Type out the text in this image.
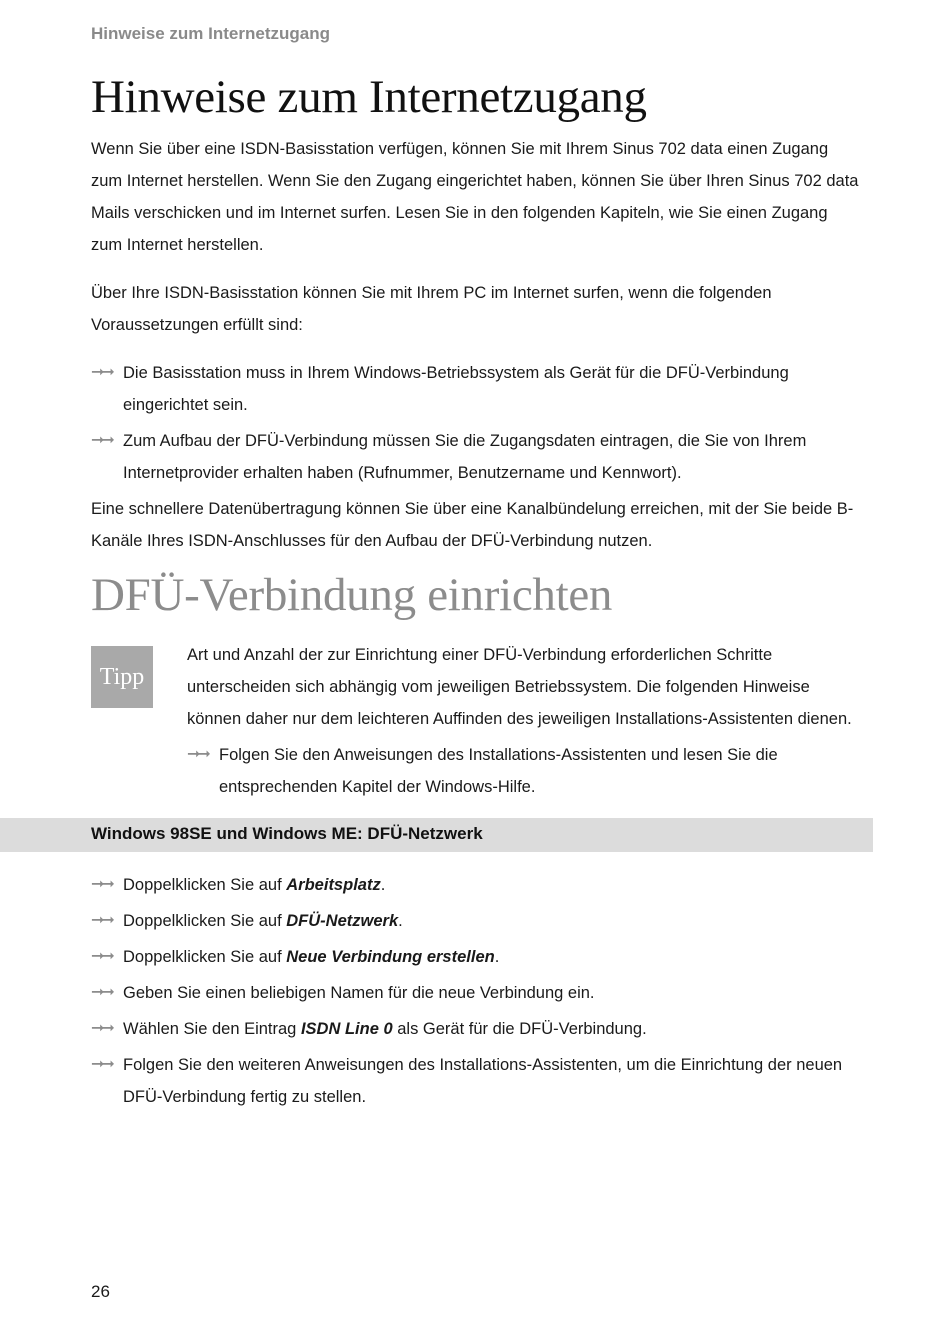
Hinweise zum Internetzugang
Hinweise zum Internetzugang

Wenn Sie über eine ISDN-Basisstation verfügen, können Sie mit Ihrem Sinus 702 data einen Zugang zum Internet herstellen. Wenn Sie den Zugang eingerichtet haben, können Sie über Ihren Sinus 702 data Mails verschicken und im Internet surfen. Lesen Sie in den folgenden Kapiteln, wie Sie einen Zugang zum Internet herstellen.

Über Ihre ISDN-Basisstation können Sie mit Ihrem PC im Internet surfen, wenn die folgenden Voraussetzungen erfüllt sind:

➞➞ Die Basisstation muss in Ihrem Windows-Betriebssystem als Gerät für die DFÜ-Verbindung eingerichtet sein.
➞➞ Zum Aufbau der DFÜ-Verbindung müssen Sie die Zugangsdaten eintragen, die Sie von Ihrem Internetprovider erhalten haben (Rufnummer, Benutzername und Kennwort).

Eine schnellere Datenübertragung können Sie über eine Kanalbündelung erreichen, mit der Sie beide B-Kanäle Ihres ISDN-Anschlusses für den Aufbau der DFÜ-Verbindung nutzen.

DFÜ-Verbindung einrichten
Tipp

Art und Anzahl der zur Einrichtung einer DFÜ-Verbindung erforderlichen Schritte unterscheiden sich abhängig vom jeweiligen Betriebssystem. Die folgenden Hinweise können daher nur dem leichteren Auffinden des jeweiligen Installations-Assistenten dienen.

➞➞ Folgen Sie den Anweisungen des Installations-Assistenten und lesen Sie die entsprechenden Kapitel der Windows-Hilfe.
Windows 98SE und Windows ME: DFÜ-Netzwerk
➞➞ Doppelklicken Sie auf Arbeitsplatz.
➞➞ Doppelklicken Sie auf DFÜ-Netzwerk.
➞➞ Doppelklicken Sie auf Neue Verbindung erstellen.
➞➞ Geben Sie einen beliebigen Namen für die neue Verbindung ein.
➞➞ Wählen Sie den Eintrag ISDN Line 0 als Gerät für die DFÜ-Verbindung.
➞➞ Folgen Sie den weiteren Anweisungen des Installations-Assistenten, um die Einrichtung der neuen DFÜ-Verbindung fertig zu stellen.
26
